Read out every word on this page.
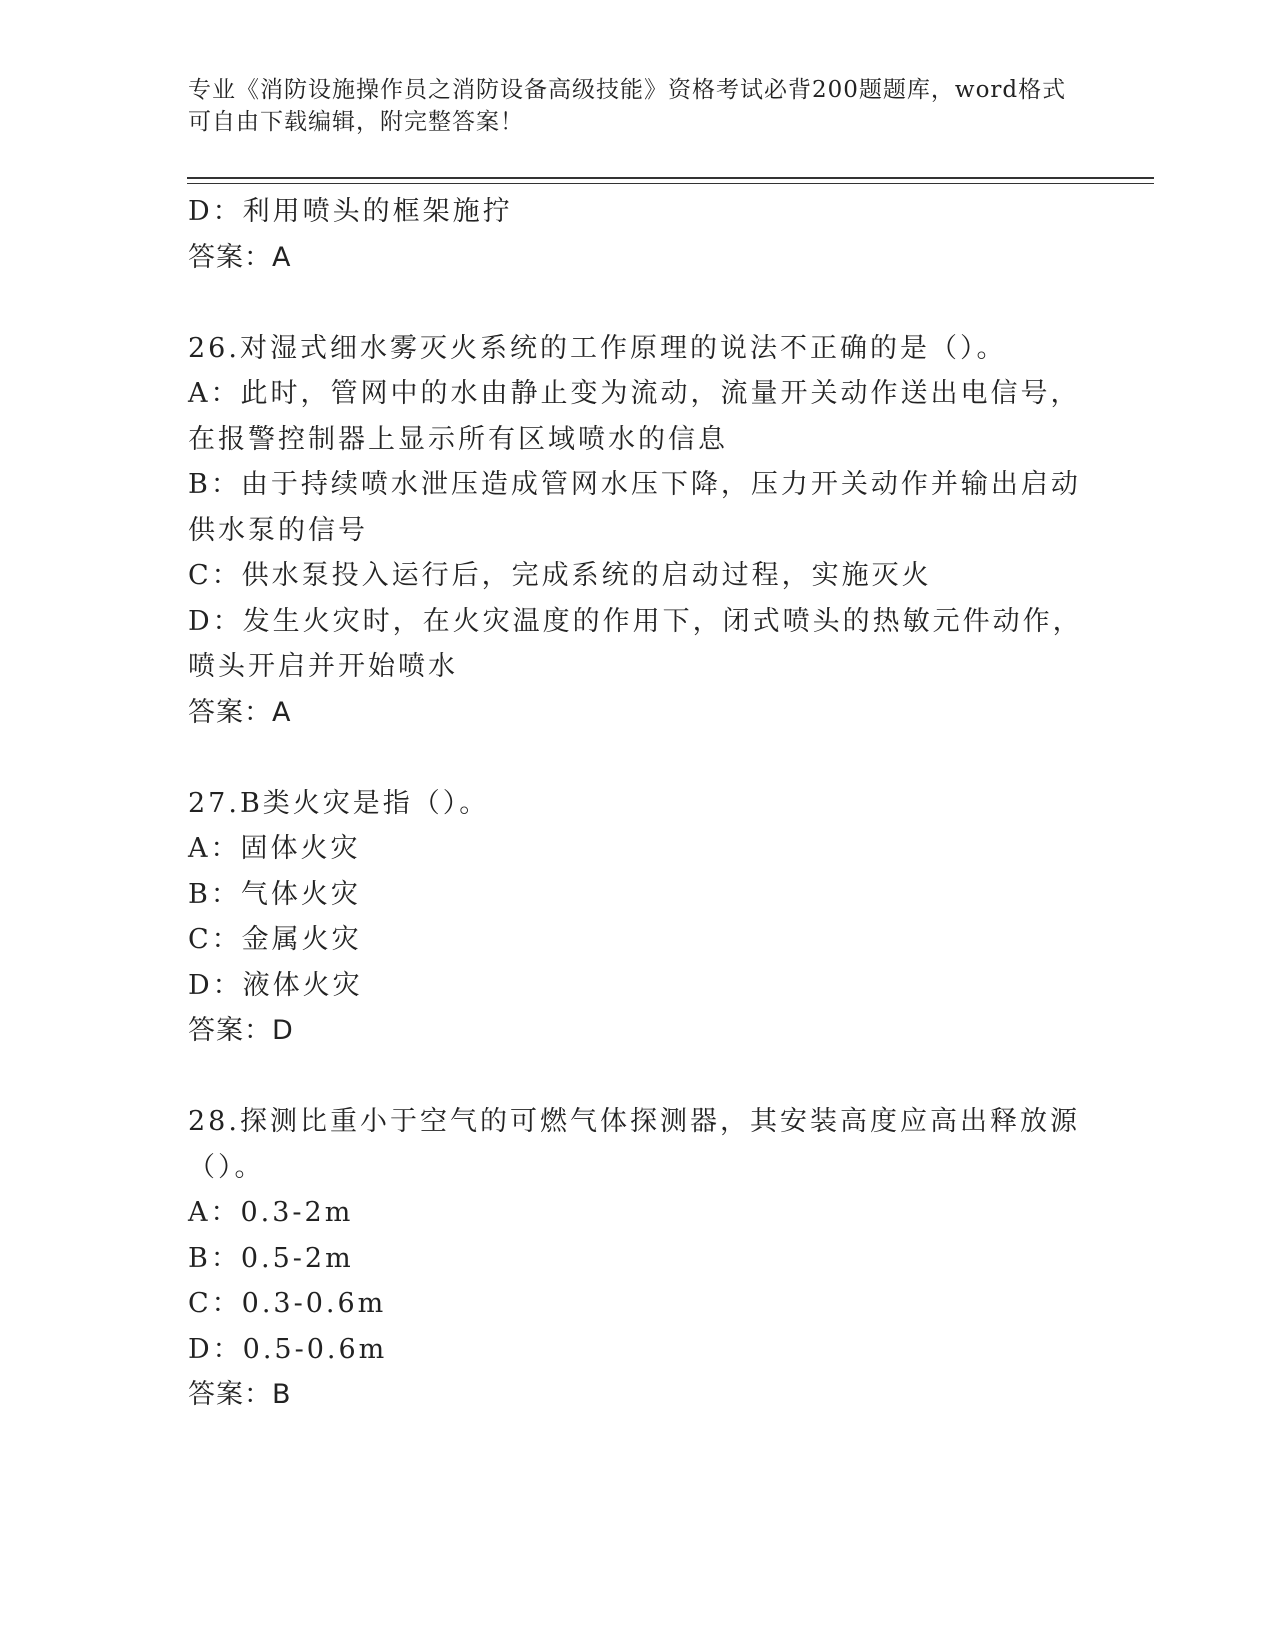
专业《消防设施操作员之消防设备高级技能》资格考试必背200题题库，word格式可自由下载编辑，附完整答案！
D：利用喷头的框架施拧
答案：A
26.对湿式细水雾灭火系统的工作原理的说法不正确的是（）。
A：此时，管网中的水由静止变为流动，流量开关动作送出电信号，在报警控制器上显示所有区域喷水的信息
B：由于持续喷水泄压造成管网水压下降，压力开关动作并输出启动供水泵的信号
C：供水泵投入运行后，完成系统的启动过程，实施灭火
D：发生火灾时，在火灾温度的作用下，闭式喷头的热敏元件动作，喷头开启并开始喷水
答案：A
27.B类火灾是指（）。
A：固体火灾
B：气体火灾
C：金属火灾
D：液体火灾
答案：D
28.探测比重小于空气的可燃气体探测器，其安装高度应高出释放源（）。
A：0.3-2m
B：0.5-2m
C：0.3-0.6m
D：0.5-0.6m
答案：B
